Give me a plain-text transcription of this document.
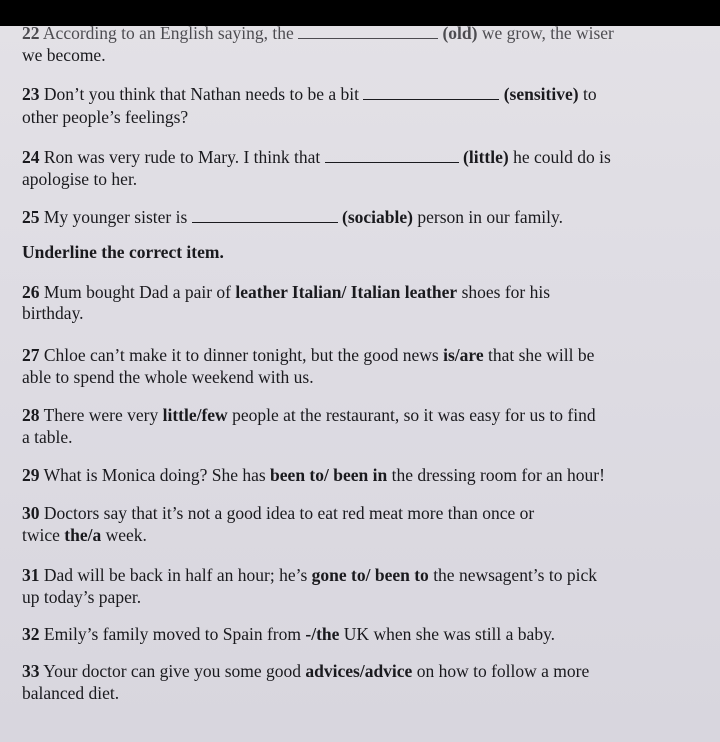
22 According to an English saying, the	(old) we grow, the wiser
we become.
23 Don’t you think that Nathan needs to be a bit	(sensitive) to
other people’s feelings?
24 Ron was very rude to Mary. I think that	(little) he could do is
apologise to her.
25 My younger sister is	(sociable) person in our family.
Underline the correct item.
26 Mum bought Dad a pair of leather Italian/ Italian leather shoes for his
birthday.
27 Chloe can’t make it to dinner tonight, but the good news is/are that she will be
able to spend the whole weekend with us.
28 There were very little/few people at the restaurant, so it was easy for us to find
a table.
29 What is Monica doing? She has been to/ been in the dressing room for an hour!
30 Doctors say that it’s not a good idea to eat red meat more than once or
twice the/a week.
31 Dad will be back in half an hour; he’s gone to/ been to the newsagent’s to pick
up today’s paper.
32 Emily’s family moved to Spain from -/the UK when she was still a baby.
33 Your doctor can give you some good advices/advice on how to follow a more
balanced diet.
